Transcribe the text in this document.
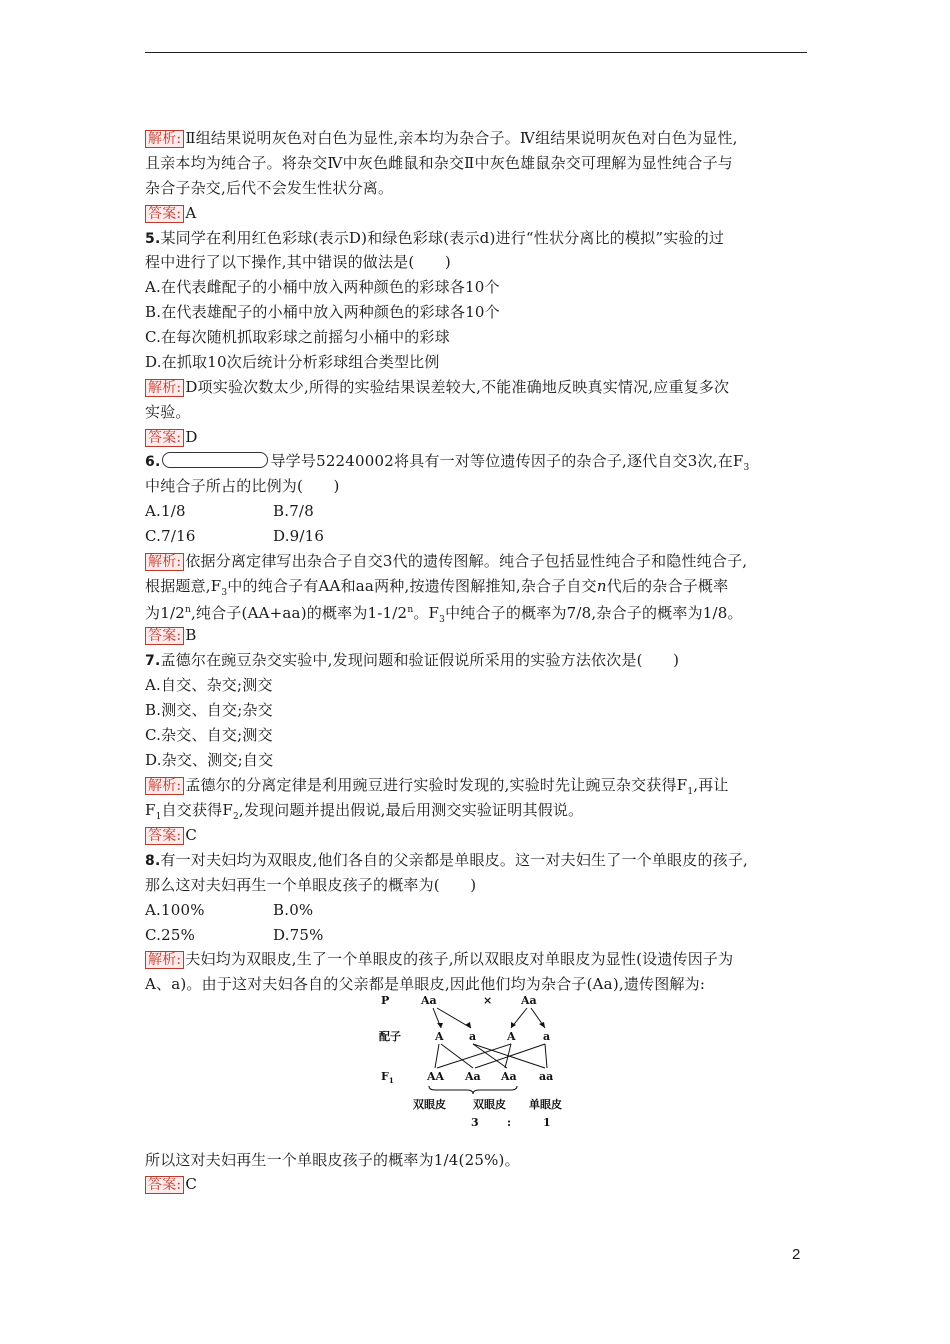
解析: Ⅱ组结果说明灰色对白色为显性,亲本均为杂合子。Ⅳ组结果说明灰色对白色为显性,
且亲本均为纯合子。将杂交Ⅳ中灰色雌鼠和杂交Ⅱ中灰色雄鼠杂交可理解为显性纯合子与
杂合子杂交,后代不会发生性状分离。
答案: A
5.某同学在利用红色彩球(表示D)和绿色彩球(表示d)进行“性状分离比的模拟”实验的过
程中进行了以下操作,其中错误的做法是(　　)
A.在代表雌配子的小桶中放入两种颜色的彩球各10个
B.在代表雄配子的小桶中放入两种颜色的彩球各10个
C.在每次随机抓取彩球之前摇匀小桶中的彩球
D.在抓取10次后统计分析彩球组合类型比例
解析: D项实验次数太少,所得的实验结果误差较大,不能准确地反映真实情况,应重复多次
实验。
答案: D
6.	导学号52240002将具有一对等位遗传因子的杂合子,逐代自交3次,在$F_3$
中纯合子所占的比例为(　　)
A.1/8	B.7/8
C.7/16	D.9/16
解析: 依据分离定律写出杂合子自交3代的遗传图解。纯合子包括显性纯合子和隐性纯合子,
根据题意$,F_3$中的纯合子有AA和aa两种,按遗传图解推知,杂合子自交n代后的杂合子概率
为1/2$^n$,纯合子(AA+aa)的概率为1-1/2$^n$。$F_3$中纯合子的概率为7/8,杂合子的概率为1/8。
答案: B
7.孟德尔在豌豆杂交实验中,发现问题和验证假说所采用的实验方法依次是(　　)
A.自交、杂交;测交
B.测交、自交;杂交
C.杂交、自交;测交
D.杂交、测交;自交
解析: 孟德尔的分离定律是利用豌豆进行实验时发现的,实验时先让豌豆杂交获得$F_1$,再让
$F_1$自交获得$F_2$,发现问题并提出假说,最后用测交实验证明其假说。
答案: C
8.有一对夫妇均为双眼皮,他们各自的父亲都是单眼皮。这一对夫妇生了一个单眼皮的孩子,
那么这对夫妇再生一个单眼皮孩子的概率为(　　)
A.100%	B.0%
C.25%	D.75%
解析: 夫妇均为双眼皮,生了一个单眼皮的孩子,所以双眼皮对单眼皮为显性(设遗传因子为
A、a)。由于这对夫妇各自的父亲都是单眼皮,因此他们均为杂合子(Aa),遗传图解为:
P	Aa	×	Aa
配子	A a	A a
$F_1$	AA Aa Aa aa
双眼皮 双眼皮 单眼皮
3	:	1
所以这对夫妇再生一个单眼皮孩子的概率为1/4(25%)。
答案: C
2
